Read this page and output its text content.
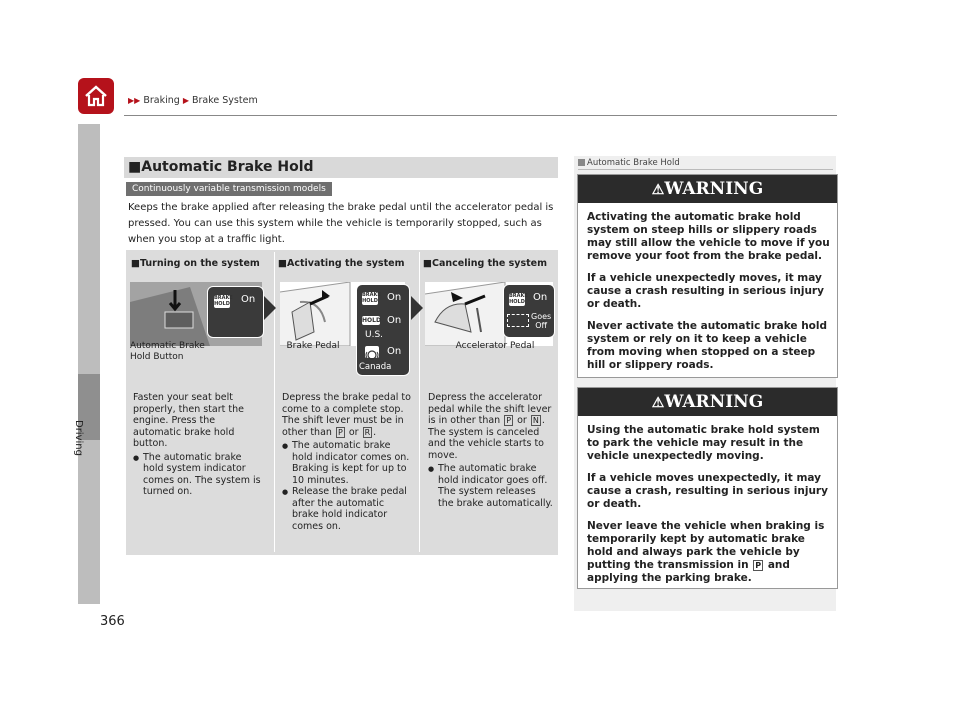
▶▶ Braking ▶ Brake System
Driving
366
■Automatic Brake Hold
Continuously variable transmission models
Keeps the brake applied after releasing the brake pedal until the accelerator pedal is pressed. You can use this system while the vehicle is temporarily stopped, such as when you stop at a traffic light.
■Turning on the system ■Activating the system ■Canceling the system
BRAKE HOLD On
Automatic Brake
Hold Button
BRAKE HOLD On
HOLD On
U.S.
On
Canada
Brake Pedal
BRAKE HOLD On
Goes
Off
Accelerator Pedal
Fasten your seat belt properly, then start the engine. Press the automatic brake hold button.
● The automatic brake hold system indicator comes on. The system is turned on.
Depress the brake pedal to come to a complete stop. The shift lever must be in other than P or R .
● The automatic brake hold indicator comes on. Braking is kept for up to 10 minutes.
● Release the brake pedal after the automatic brake hold indicator comes on.
Depress the accelerator pedal while the shift lever is in other than P or N . The system is canceled and the vehicle starts to move.
● The automatic brake hold indicator goes off. The system releases the brake automatically.
Automatic Brake Hold
⚠WARNING

Activating the automatic brake hold system on steep hills or slippery roads may still allow the vehicle to move if you remove your foot from the brake pedal.

If a vehicle unexpectedly moves, it may cause a crash resulting in serious injury or death.

Never activate the automatic brake hold system or rely on it to keep a vehicle from moving when stopped on a steep hill or slippery roads.

⚠WARNING

Using the automatic brake hold system to park the vehicle may result in the vehicle unexpectedly moving.

If a vehicle moves unexpectedly, it may cause a crash, resulting in serious injury or death.

Never leave the vehicle when braking is temporarily kept by automatic brake hold and always park the vehicle by putting the transmission in P and applying the parking brake.
